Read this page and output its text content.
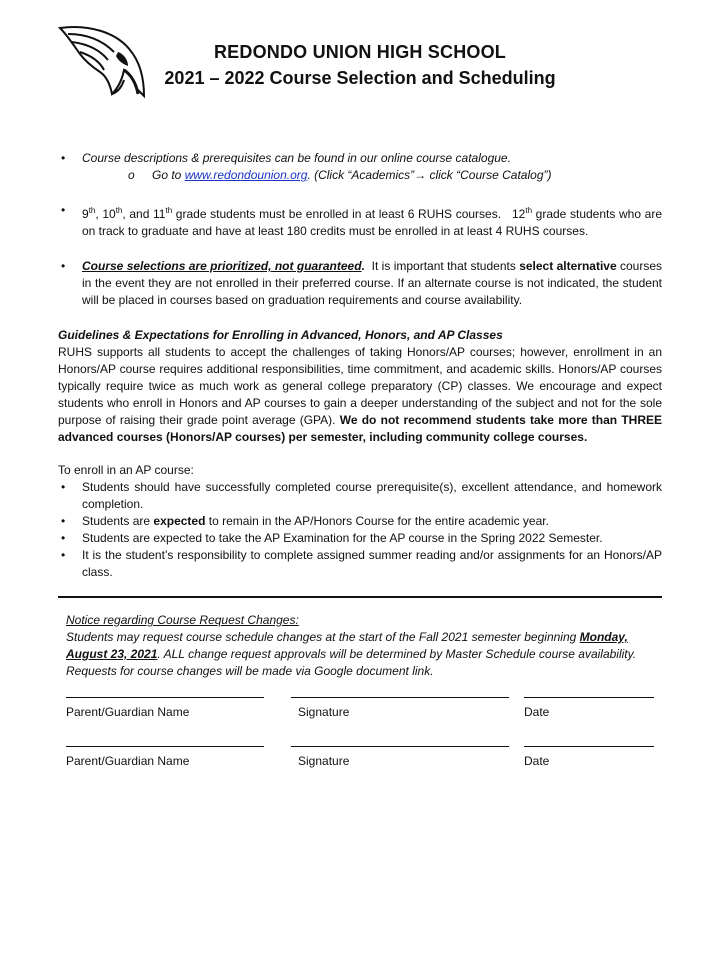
REDONDO UNION HIGH SCHOOL
2021 – 2022 Course Selection and Scheduling
• Course descriptions & prerequisites can be found in our online course catalogue.
o Go to www.redondounion.org. (Click “Academics”→ click “Course Catalog”)
• 9th, 10th, and 11th grade students must be enrolled in at least 6 RUHS courses.   12th grade students who are on track to graduate and have at least 180 credits must be enrolled in at least 4 RUHS courses.
• Course selections are prioritized, not guaranteed.  It is important that students select alternative courses in the event they are not enrolled in their preferred course. If an alternate course is not indicated, the student will be placed in courses based on graduation requirements and course availability.
Guidelines & Expectations for Enrolling in Advanced, Honors, and AP Classes
RUHS supports all students to accept the challenges of taking Honors/AP courses; however, enrollment in an Honors/AP course requires additional responsibilities, time commitment, and academic skills. Honors/AP courses typically require twice as much work as general college preparatory (CP) classes. We encourage and expect students who enroll in Honors and AP courses to gain a deeper understanding of the subject and not for the sole purpose of raising their grade point average (GPA). We do not recommend students take more than THREE advanced courses (Honors/AP courses) per semester, including community college courses.
To enroll in an AP course:
• Students should have successfully completed course prerequisite(s), excellent attendance, and homework completion.
• Students are expected to remain in the AP/Honors Course for the entire academic year.
• Students are expected to take the AP Examination for the AP course in the Spring 2022 Semester.
• It is the student’s responsibility to complete assigned summer reading and/or assignments for an Honors/AP class.
Notice regarding Course Request Changes:
Students may request course schedule changes at the start of the Fall 2021 semester beginning Monday, August 23, 2021. ALL change request approvals will be determined by Master Schedule course availability. Requests for course changes will be made via Google document link.
Parent/Guardian Name	Signature	Date
Parent/Guardian Name	Signature	Date
